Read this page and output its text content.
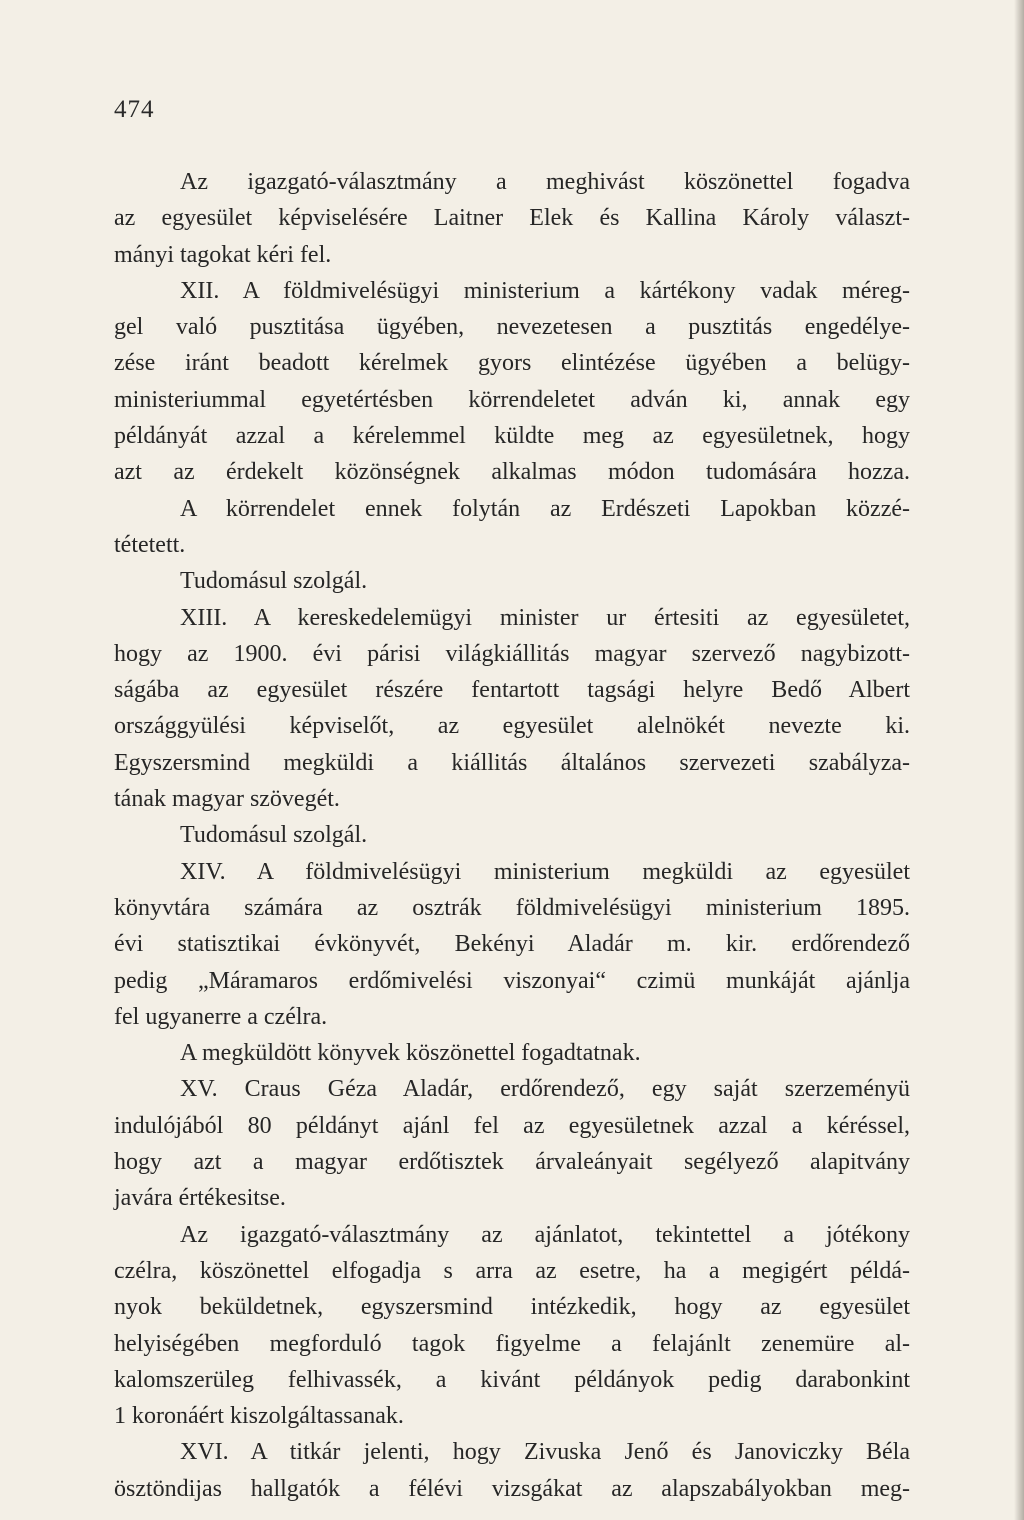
474
Az igazgató-választmány a meghivást köszönettel fogadva
az egyesület képviselésére Laitner Elek és Kallina Károly választ-
mányi tagokat kéri fel.
XII. A földmivelésügyi ministerium a kártékony vadak méreg-
gel való pusztitása ügyében, nevezetesen a pusztitás engedélye-
zése iránt beadott kérelmek gyors elintézése ügyében a belügy-
ministeriummal egyetértésben körrendeletet adván ki, annak egy
példányát azzal a kérelemmel küldte meg az egyesületnek, hogy
azt az érdekelt közönségnek alkalmas módon tudomására hozza.
A körrendelet ennek folytán az Erdészeti Lapokban közzé-
tétetett.
Tudomásul szolgál.
XIII. A kereskedelemügyi minister ur értesiti az egyesületet,
hogy az 1900. évi párisi világkiállitás magyar szervező nagybizott-
ságába az egyesület részére fentartott tagsági helyre Bedő Albert
országgyülési képviselőt, az egyesület alelnökét nevezte ki.
Egyszersmind megküldi a kiállitás általános szervezeti szabályza-
tának magyar szövegét.
Tudomásul szolgál.
XIV. A földmivelésügyi ministerium megküldi az egyesület
könyvtára számára az osztrák földmivelésügyi ministerium 1895.
évi statisztikai évkönyvét, Bekényi Aladár m. kir. erdőrendező
pedig „Máramaros erdőmivelési viszonyai“ czimü munkáját ajánlja
fel ugyanerre a czélra.
A megküldött könyvek köszönettel fogadtatnak.
XV. Craus Géza Aladár, erdőrendező, egy saját szerzeményü
indulójából 80 példányt ajánl fel az egyesületnek azzal a kéréssel,
hogy azt a magyar erdőtisztek árvaleányait segélyező alapitvány
javára értékesitse.
Az igazgató-választmány az ajánlatot, tekintettel a jótékony
czélra, köszönettel elfogadja s arra az esetre, ha a megigért példá-
nyok beküldetnek, egyszersmind intézkedik, hogy az egyesület
helyiségében megforduló tagok figyelme a felajánlt zenemüre al-
kalomszerüleg felhivassék, a kivánt példányok pedig darabonkint
1 koronáért kiszolgáltassanak.
XVI. A titkár jelenti, hogy Zivuska Jenő és Janoviczky Béla
ösztöndijas hallgatók a félévi vizsgákat az alapszabályokban meg-
